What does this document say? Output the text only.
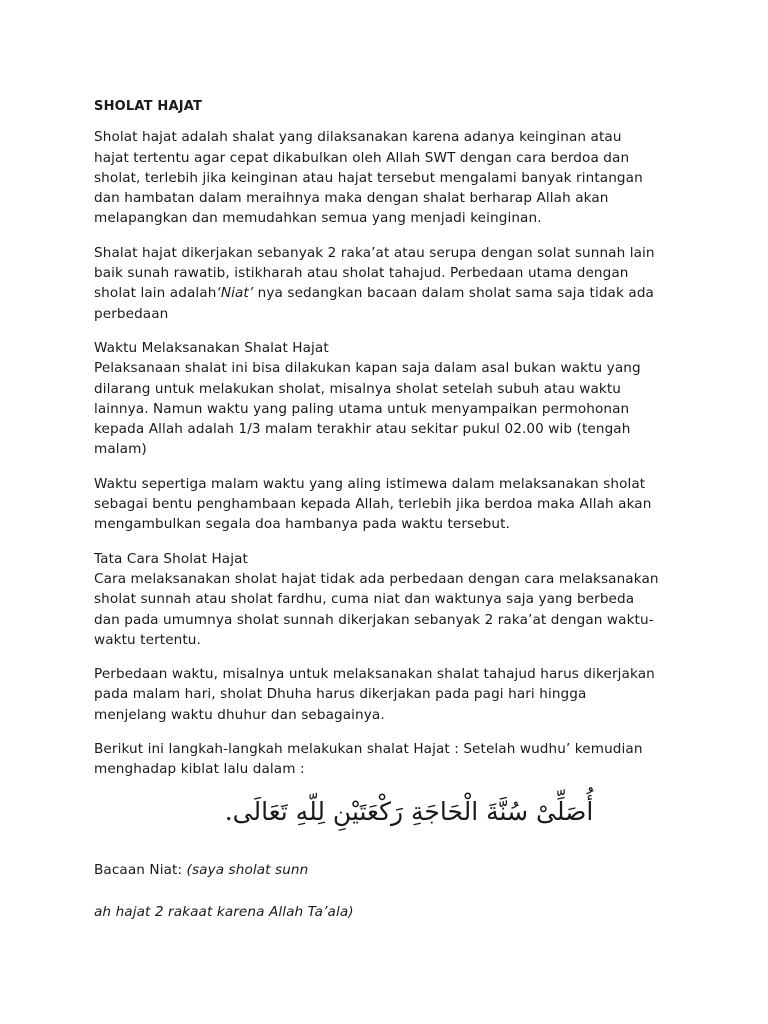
SHOLAT HAJAT
Sholat hajat adalah shalat yang dilaksanakan karena adanya keinginan atau
hajat tertentu agar cepat dikabulkan oleh Allah SWT dengan cara berdoa dan
sholat, terlebih jika keinginan atau hajat tersebut mengalami banyak rintangan
dan hambatan dalam meraihnya maka dengan shalat berharap Allah akan
melapangkan dan memudahkan semua yang menjadi keinginan.
Shalat hajat dikerjakan sebanyak 2 raka’at atau serupa dengan solat sunnah lain
baik sunah rawatib, istikharah atau sholat tahajud. Perbedaan utama dengan
sholat lain adalah‘Niat’ nya sedangkan bacaan dalam sholat sama saja tidak ada
perbedaan
Waktu Melaksanakan Shalat Hajat
Pelaksanaan shalat ini bisa dilakukan kapan saja dalam asal bukan waktu yang
dilarang untuk melakukan sholat, misalnya sholat setelah subuh atau waktu
lainnya. Namun waktu yang paling utama untuk menyampaikan permohonan
kepada Allah adalah 1/3 malam terakhir atau sekitar pukul 02.00 wib (tengah
malam)
Waktu sepertiga malam waktu yang aling istimewa dalam melaksanakan sholat
sebagai bentu penghambaan kepada Allah, terlebih jika berdoa maka Allah akan
mengambulkan segala doa hambanya pada waktu tersebut.
Tata Cara Sholat Hajat
Cara melaksanakan sholat hajat tidak ada perbedaan dengan cara melaksanakan
sholat sunnah atau sholat fardhu, cuma niat dan waktunya saja yang berbeda
dan pada umumnya sholat sunnah dikerjakan sebanyak 2 raka’at dengan waktu-
waktu tertentu.
Perbedaan waktu, misalnya untuk melaksanakan shalat tahajud harus dikerjakan
pada malam hari, sholat Dhuha harus dikerjakan pada pagi hari hingga
menjelang waktu dhuhur dan sebagainya.
Berikut ini langkah-langkah melakukan shalat Hajat : Setelah wudhu’ kemudian
menghadap kiblat lalu dalam :
أُصَلِّىْ سُنَّةَ الْحَاجَةِ رَكْعَتَيْنِ لِلّهِ تَعَالَى.
Bacaan Niat: (saya sholat sunn
ah hajat 2 rakaat karena Allah Ta’ala)
